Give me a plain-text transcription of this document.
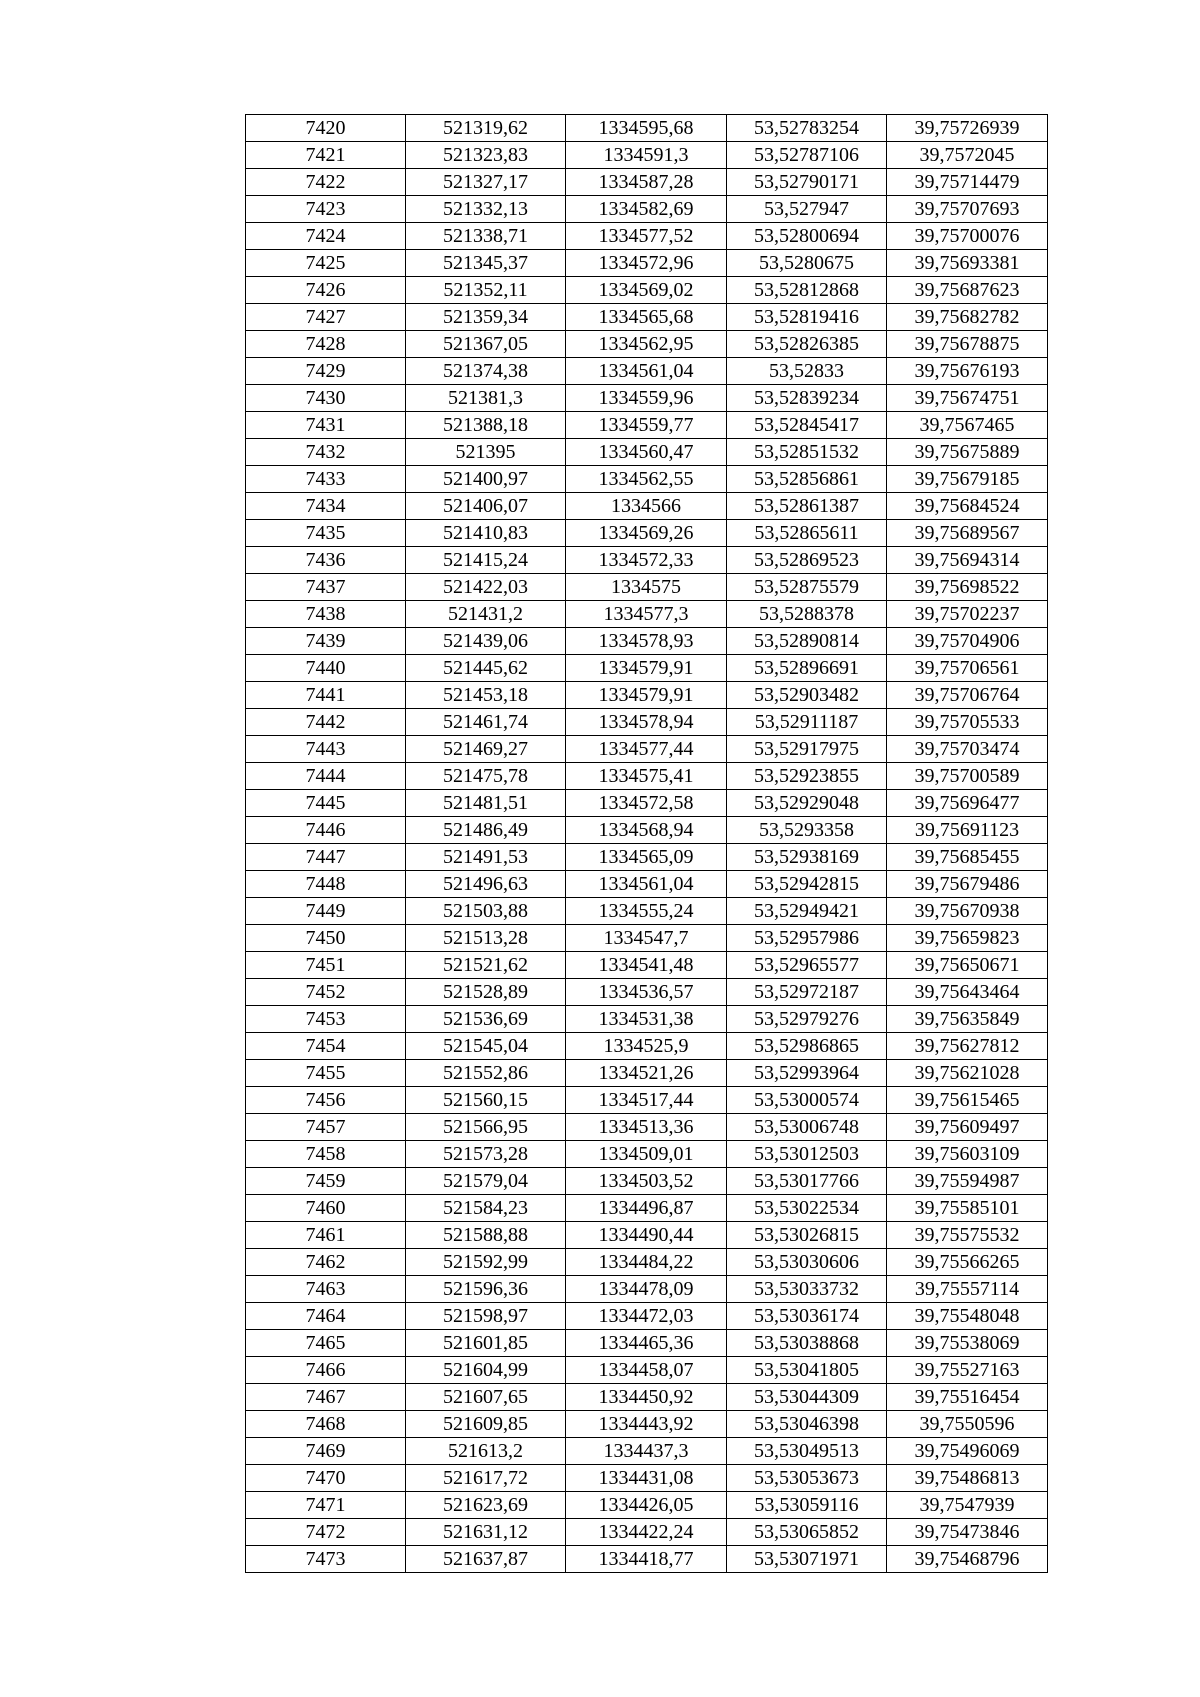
7420	521319,62	1334595,68	53,52783254	39,75726939
7421	521323,83	1334591,3	53,52787106	39,7572045
7422	521327,17	1334587,28	53,52790171	39,75714479
7423	521332,13	1334582,69	53,527947	39,75707693
7424	521338,71	1334577,52	53,52800694	39,75700076
7425	521345,37	1334572,96	53,5280675	39,75693381
7426	521352,11	1334569,02	53,52812868	39,75687623
7427	521359,34	1334565,68	53,52819416	39,75682782
7428	521367,05	1334562,95	53,52826385	39,75678875
7429	521374,38	1334561,04	53,52833	39,75676193
7430	521381,3	1334559,96	53,52839234	39,75674751
7431	521388,18	1334559,77	53,52845417	39,7567465
7432	521395	1334560,47	53,52851532	39,75675889
7433	521400,97	1334562,55	53,52856861	39,75679185
7434	521406,07	1334566	53,52861387	39,75684524
7435	521410,83	1334569,26	53,52865611	39,75689567
7436	521415,24	1334572,33	53,52869523	39,75694314
7437	521422,03	1334575	53,52875579	39,75698522
7438	521431,2	1334577,3	53,5288378	39,75702237
7439	521439,06	1334578,93	53,52890814	39,75704906
7440	521445,62	1334579,91	53,52896691	39,75706561
7441	521453,18	1334579,91	53,52903482	39,75706764
7442	521461,74	1334578,94	53,52911187	39,75705533
7443	521469,27	1334577,44	53,52917975	39,75703474
7444	521475,78	1334575,41	53,52923855	39,75700589
7445	521481,51	1334572,58	53,52929048	39,75696477
7446	521486,49	1334568,94	53,5293358	39,75691123
7447	521491,53	1334565,09	53,52938169	39,75685455
7448	521496,63	1334561,04	53,52942815	39,75679486
7449	521503,88	1334555,24	53,52949421	39,75670938
7450	521513,28	1334547,7	53,52957986	39,75659823
7451	521521,62	1334541,48	53,52965577	39,75650671
7452	521528,89	1334536,57	53,52972187	39,75643464
7453	521536,69	1334531,38	53,52979276	39,75635849
7454	521545,04	1334525,9	53,52986865	39,75627812
7455	521552,86	1334521,26	53,52993964	39,75621028
7456	521560,15	1334517,44	53,53000574	39,75615465
7457	521566,95	1334513,36	53,53006748	39,75609497
7458	521573,28	1334509,01	53,53012503	39,75603109
7459	521579,04	1334503,52	53,53017766	39,75594987
7460	521584,23	1334496,87	53,53022534	39,75585101
7461	521588,88	1334490,44	53,53026815	39,75575532
7462	521592,99	1334484,22	53,53030606	39,75566265
7463	521596,36	1334478,09	53,53033732	39,75557114
7464	521598,97	1334472,03	53,53036174	39,75548048
7465	521601,85	1334465,36	53,53038868	39,75538069
7466	521604,99	1334458,07	53,53041805	39,75527163
7467	521607,65	1334450,92	53,53044309	39,75516454
7468	521609,85	1334443,92	53,53046398	39,7550596
7469	521613,2	1334437,3	53,53049513	39,75496069
7470	521617,72	1334431,08	53,53053673	39,75486813
7471	521623,69	1334426,05	53,53059116	39,7547939
7472	521631,12	1334422,24	53,53065852	39,75473846
7473	521637,87	1334418,77	53,53071971	39,75468796
